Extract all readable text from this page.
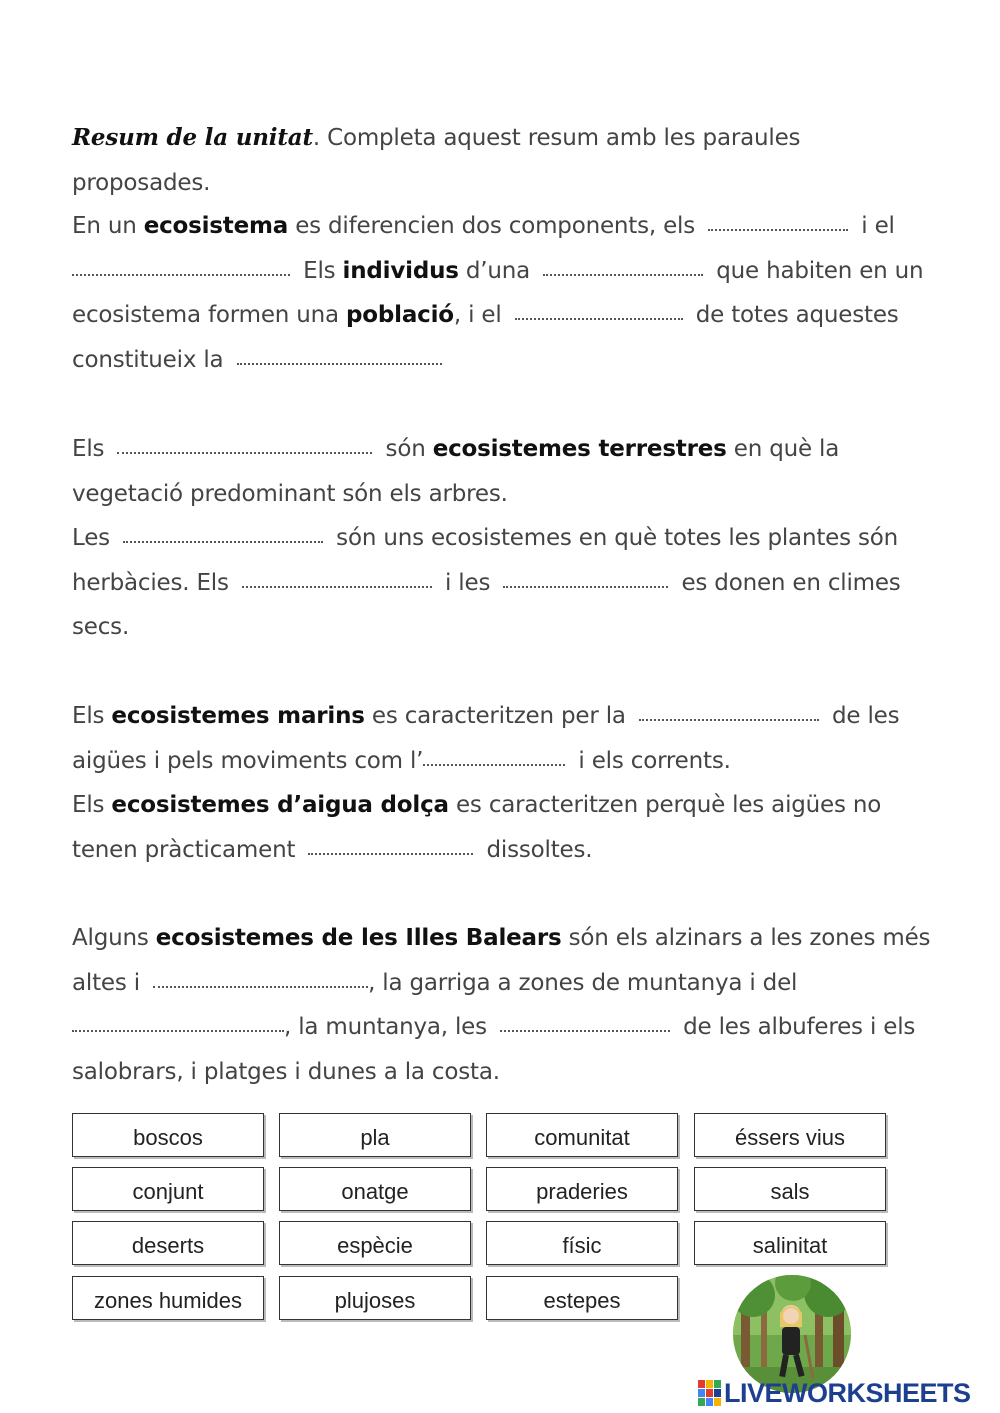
Resum de la unitat. Completa aquest resum amb les paraules proposades.

En un ecosistema es diferencien dos components, els	i el
Els individus d’una	que habiten en un ecosistema formen una població, i el	de totes aquestes constitueix la

Els	són ecosistemes terrestres en què la vegetació predominant són els arbres.
Les	són uns ecosistemes en què totes les plantes són herbàcies. Els	i les	es donen en climes secs.

Els ecosistemes marins es caracteritzen per la	de les aigües i pels moviments com l’	i els corrents.
Els ecosistemes d’aigua dolça es caracteritzen perquè les aigües no tenen pràcticament	dissoltes.

Alguns ecosistemes de les Illes Balears són els alzinars a les zones més altes i	, la garriga a zones de muntanya i del
, la muntanya, les	de les albuferes i els salobrars, i platges i dunes a la costa.

boscos	pla	comunitat	éssers vius
conjunt	onatge	praderies	sals
deserts	espècie	físic	salinitat
zones humides	plujoses	estepes
LIVEWORKSHEETS
